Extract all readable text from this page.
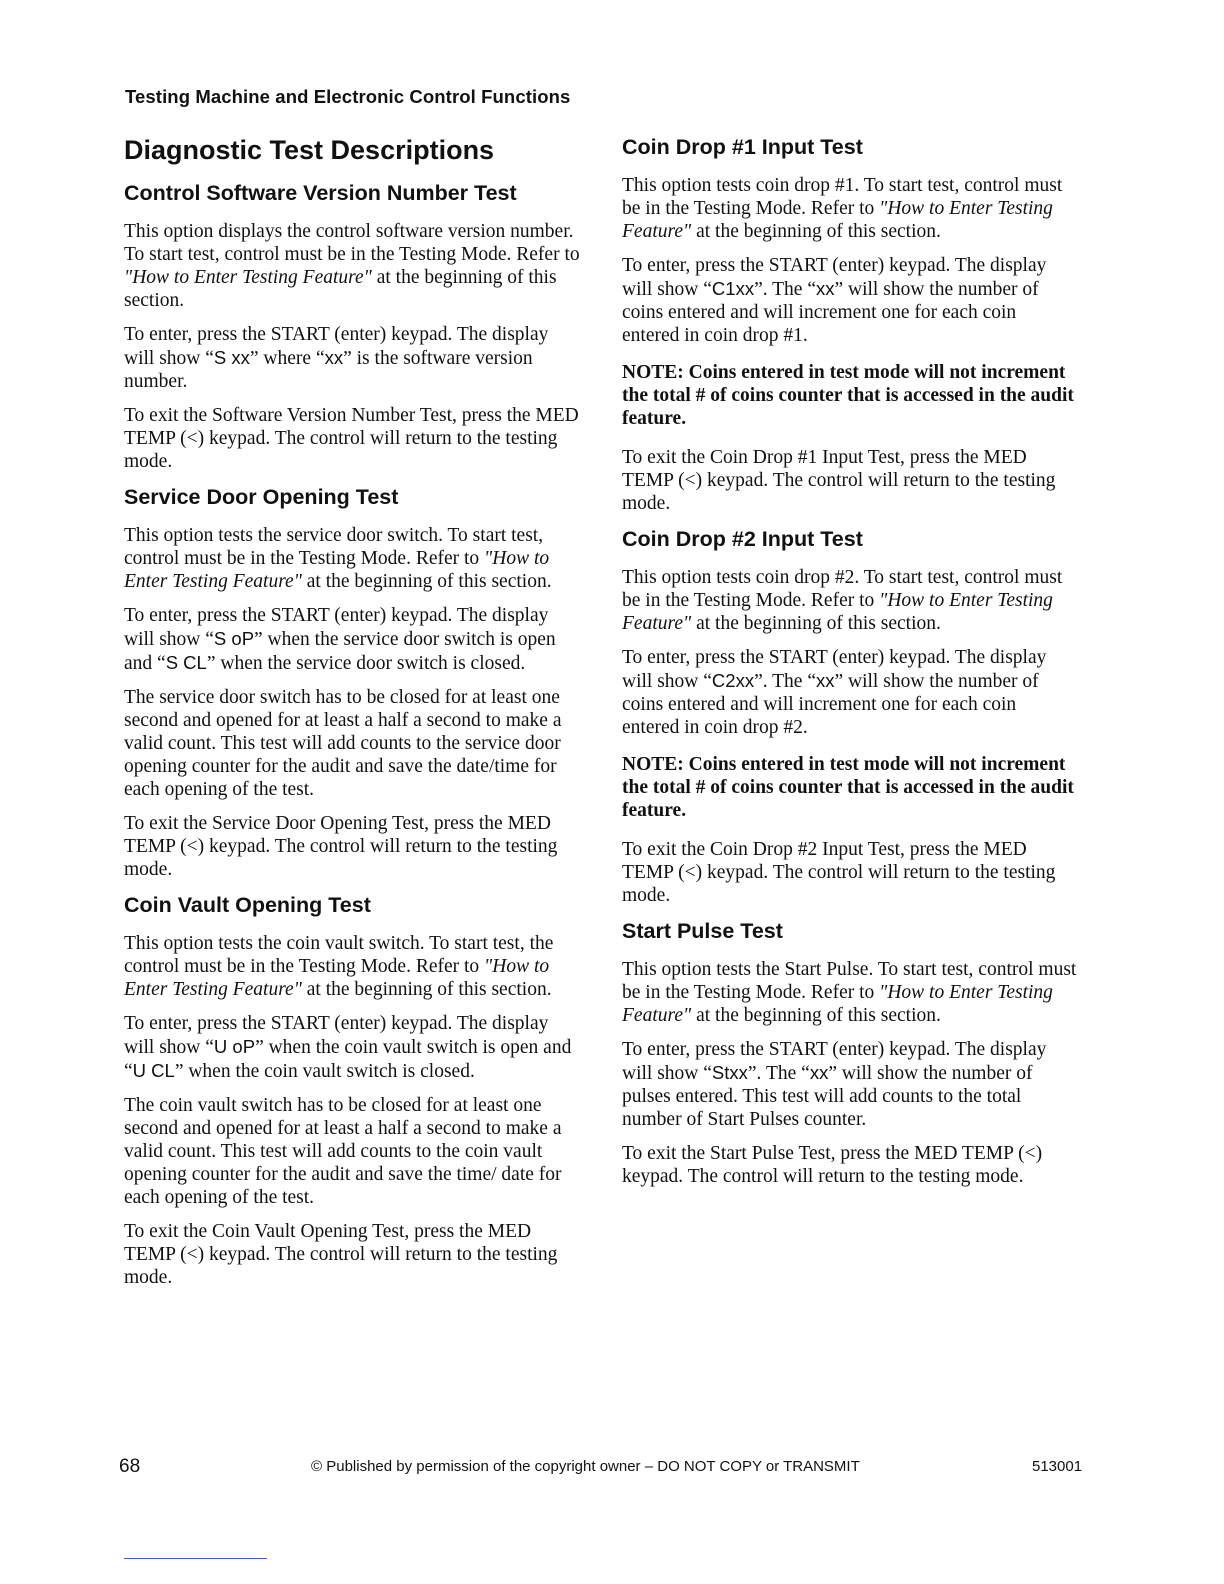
Testing Machine and Electronic Control Functions
Diagnostic Test Descriptions
Control Software Version Number Test

This option displays the control software version number. To start test, control must be in the Testing Mode. Refer to "How to Enter Testing Feature" at the beginning of this section.

To enter, press the START (enter) keypad. The display will show “S xx” where “xx” is the software version number.

To exit the Software Version Number Test, press the MED TEMP (<) keypad. The control will return to the testing mode.

Service Door Opening Test

This option tests the service door switch. To start test, control must be in the Testing Mode. Refer to "How to Enter Testing Feature" at the beginning of this section.

To enter, press the START (enter) keypad. The display will show “S oP” when the service door switch is open and “S CL” when the service door switch is closed.

The service door switch has to be closed for at least one second and opened for at least a half a second to make a valid count. This test will add counts to the service door opening counter for the audit and save the date/time for each opening of the test.

To exit the Service Door Opening Test, press the MED TEMP (<) keypad. The control will return to the testing mode.

Coin Vault Opening Test

This option tests the coin vault switch. To start test, the control must be in the Testing Mode. Refer to "How to Enter Testing Feature" at the beginning of this section.

To enter, press the START (enter) keypad. The display will show “U oP” when the coin vault switch is open and “U CL” when the coin vault switch is closed.

The coin vault switch has to be closed for at least one second and opened for at least a half a second to make a valid count. This test will add counts to the coin vault opening counter for the audit and save the time/ date for each opening of the test.

To exit the Coin Vault Opening Test, press the MED TEMP (<) keypad. The control will return to the testing mode.

Coin Drop #1 Input Test

This option tests coin drop #1. To start test, control must be in the Testing Mode. Refer to "How to Enter Testing Feature" at the beginning of this section.

To enter, press the START (enter) keypad. The display will show “C1xx”. The “xx” will show the number of coins entered and will increment one for each coin entered in coin drop #1.

NOTE: Coins entered in test mode will not increment the total # of coins counter that is accessed in the audit feature.

To exit the Coin Drop #1 Input Test, press the MED TEMP (<) keypad. The control will return to the testing mode.

Coin Drop #2 Input Test

This option tests coin drop #2. To start test, control must be in the Testing Mode. Refer to "How to Enter Testing Feature" at the beginning of this section.

To enter, press the START (enter) keypad. The display will show “C2xx”. The “xx” will show the number of coins entered and will increment one for each coin entered in coin drop #2.

NOTE: Coins entered in test mode will not increment the total # of coins counter that is accessed in the audit feature.

To exit the Coin Drop #2 Input Test, press the MED TEMP (<) keypad. The control will return to the testing mode.

Start Pulse Test

This option tests the Start Pulse. To start test, control must be in the Testing Mode. Refer to "How to Enter Testing Feature" at the beginning of this section.

To enter, press the START (enter) keypad. The display will show “Stxx”. The “xx” will show the number of pulses entered. This test will add counts to the total number of Start Pulses counter.

To exit the Start Pulse Test, press the MED TEMP (<) keypad. The control will return to the testing mode.

68	© Published by permission of the copyright owner – DO NOT COPY or TRANSMIT	513001
